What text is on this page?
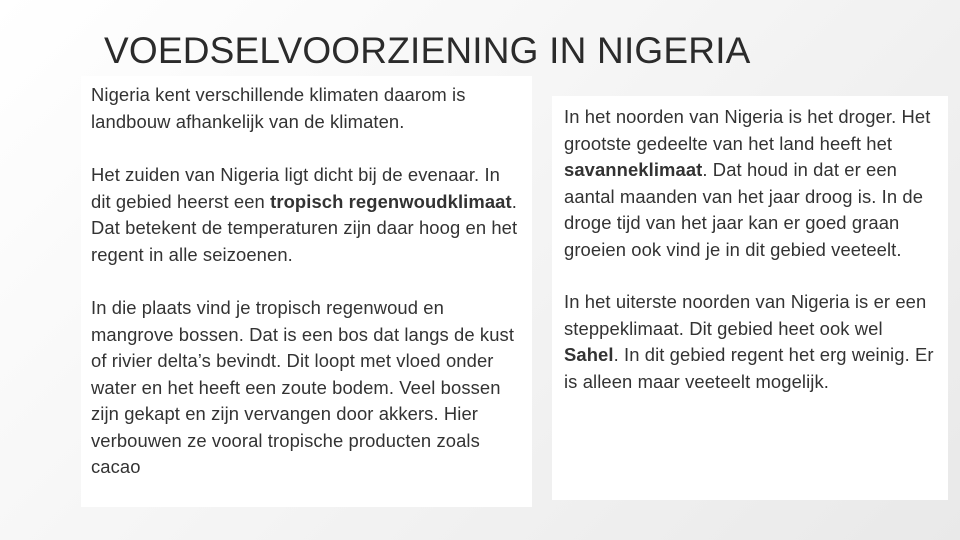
VOEDSELVOORZIENING IN NIGERIA

Nigeria kent verschillende klimaten daarom is landbouw afhankelijk van de klimaten.

Het zuiden van Nigeria ligt dicht bij de evenaar. In dit gebied heerst een tropisch regenwoudklimaat. Dat betekent de temperaturen zijn daar hoog en het regent in alle seizoenen.

In die plaats vind je tropisch regenwoud en mangrove bossen. Dat is een bos dat langs de kust of rivier delta’s bevindt. Dit loopt met vloed onder water en het heeft een zoute bodem. Veel bossen zijn gekapt en zijn vervangen door akkers. Hier verbouwen ze vooral tropische producten zoals cacao

In het noorden van Nigeria is het droger. Het grootste gedeelte van het land heeft het savanneklimaat. Dat houd in dat er een aantal maanden van het jaar droog is. In de droge tijd van het jaar kan er goed graan groeien ook vind je in dit gebied veeteelt.

In het uiterste noorden van Nigeria is er een steppeklimaat. Dit gebied heet ook wel Sahel. In dit gebied regent het erg weinig. Er is alleen maar veeteelt mogelijk.
